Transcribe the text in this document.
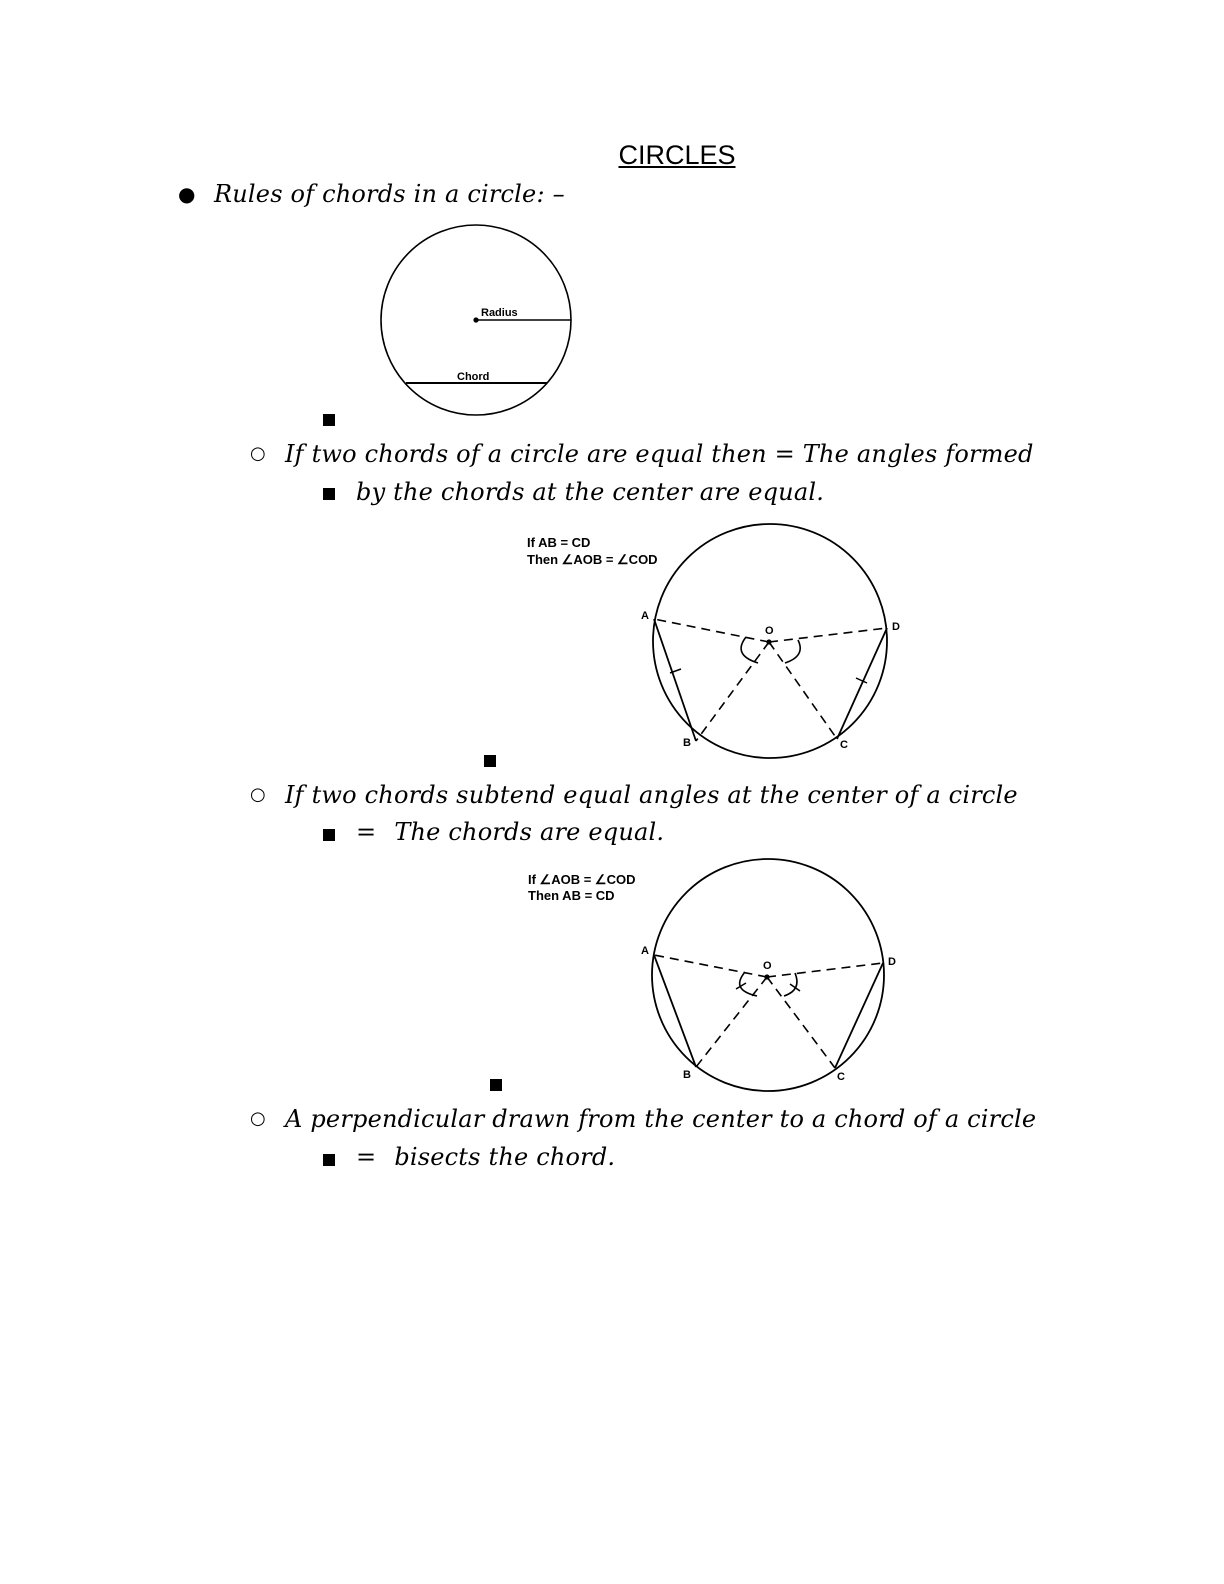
CIRCLES
● Rules of chords in a circle: –
Radius
Chord
○ If two chords of a circle are equal then = The angles formed
by the chords at the center are equal.
If AB = CD
Then ∠AOB = ∠COD
A
D
O
B	C
○ If two chords subtend equal angles at the center of a circle
= The chords are equal.
If ∠AOB = ∠COD
Then AB = CD
A
D
O
B	C
○ A perpendicular drawn from the center to a chord of a circle
= bisects the chord.
